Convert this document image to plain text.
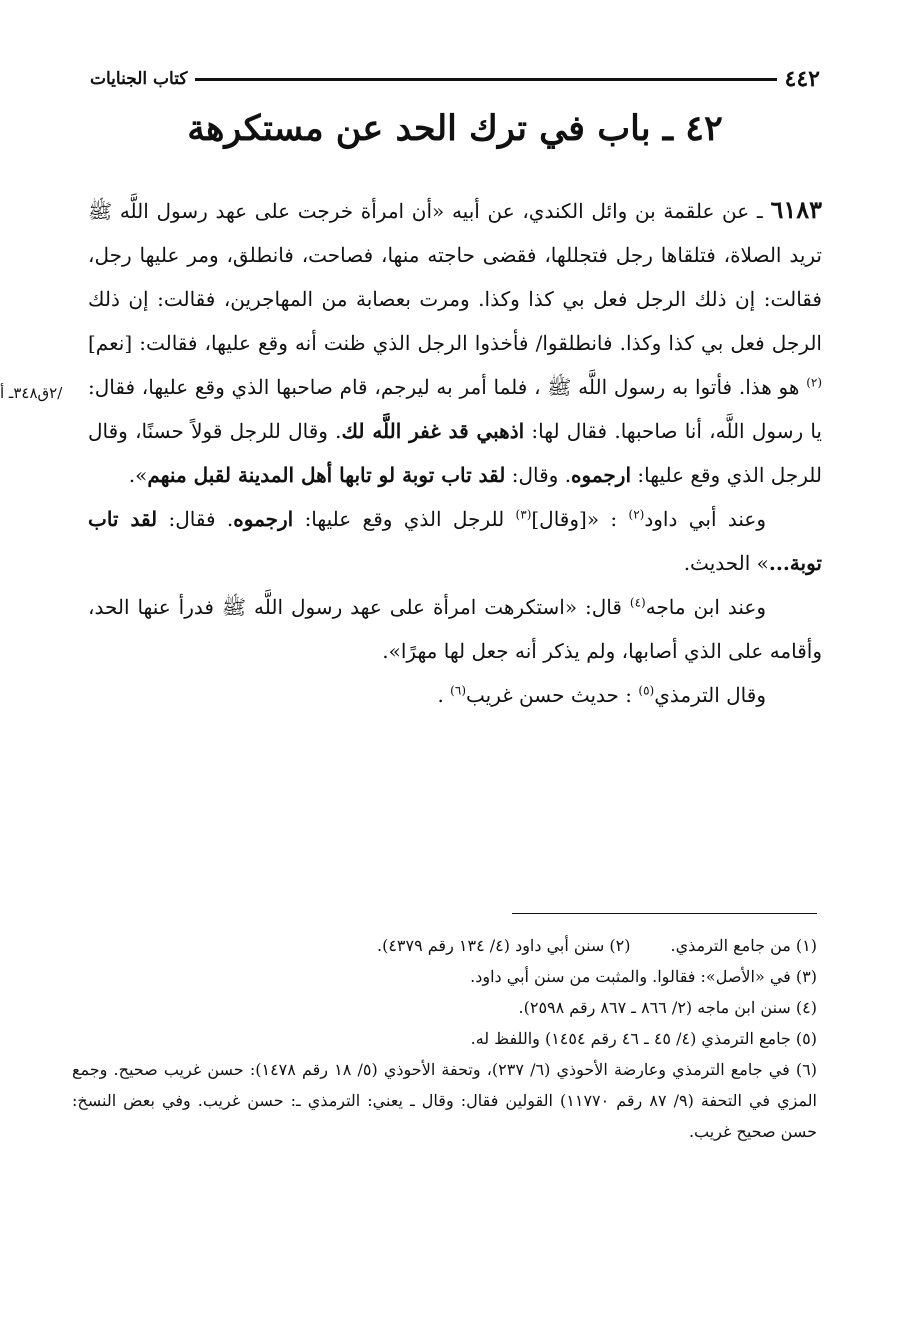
٤٤٢
كتاب الجنايات
٤٢ ـ باب في ترك الحد عن مستكرهة
/٢ق٣٤٨ـ أ

٦١٨٣ ـ عن علقمة بن وائل الكندي، عن أبيه «أن امرأة خرجت على عهد رسول اللَّه ﷺ تريد الصلاة، فتلقاها رجل فتجللها، فقضى حاجته منها، فصاحت، فانطلق، ومر عليها رجل، فقالت: إن ذلك الرجل فعل بي كذا وكذا. ومرت بعصابة من المهاجرين، فقالت: إن ذلك الرجل فعل بي كذا وكذا. فانطلقوا/ فأخذوا الرجل الذي ظنت أنه وقع عليها، فقالت: [نعم]$^{(٢)}$ هو هذا. فأتوا به رسول اللَّه ﷺ ، فلما أمر به ليرجم، قام صاحبها الذي وقع عليها، فقال: يا رسول اللَّه، أنا صاحبها. فقال لها: اذهبي قد غفر اللَّه لك. وقال للرجل قولاً حسنًا، وقال للرجل الذي وقع عليها: ارجموه. وقال: لقد تاب توبة لو تابها أهل المدينة لقبل منهم».

وعند أبي داود$^{(٢)}$ : «[وقال]$^{(٣)}$ للرجل الذي وقع عليها: ارجموه. فقال: لقد تاب توبة...» الحديث.

وعند ابن ماجه$^{(٤)}$ قال: «استكرهت امرأة على عهد رسول اللَّه ﷺ فدرأ عنها الحد، وأقامه على الذي أصابها، ولم يذكر أنه جعل لها مهرًا».

وقال الترمذي$^{(٥)}$ : حديث حسن غريب$^{(٦)}$ .

(١) من جامع الترمذي.
(٢) سنن أبي داود (٤/ ١٣٤ رقم ٤٣٧٩).

(٣) في «الأصل»: فقالوا. والمثبت من سنن أبي داود.

(٤) سنن ابن ماجه (٢/ ٨٦٦ ـ ٨٦٧ رقم ٢٥٩٨).

(٥) جامع الترمذي (٤/ ٤٥ ـ ٤٦ رقم ١٤٥٤) واللفظ له.

(٦) في جامع الترمذي وعارضة الأحوذي (٦/ ٢٣٧)، وتحفة الأحوذي (٥/ ١٨ رقم ١٤٧٨): حسن غريب صحيح. وجمع المزي في التحفة (٩/ ٨٧ رقم ١١٧٧٠) القولين فقال: وقال ـ يعني: الترمذي ـ: حسن غريب. وفي بعض النسخ: حسن صحيح غريب.
